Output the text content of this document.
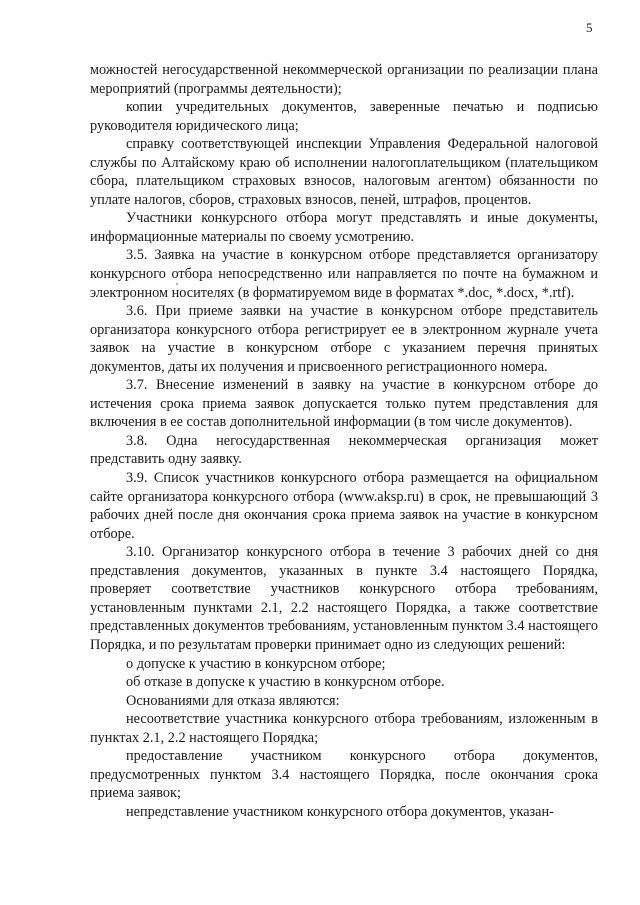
5

можностей негосударственной некоммерческой организации по реализации плана мероприятий (программы деятельности);

копии учредительных документов, заверенные печатью и подписью руководителя юридического лица;

справку соответствующей инспекции Управления Федеральной налоговой службы по Алтайскому краю об исполнении налогоплательщиком (плательщиком сбора, плательщиком страховых взносов, налоговым агентом) обязанности по уплате налогов, сборов, страховых взносов, пеней, штрафов, процентов.

Участники конкурсного отбора могут представлять и иные документы, информационные материалы по своему усмотрению.

3.5. Заявка на участие в конкурсном отборе представляется организатору конкурсного отбора непосредственно или направляется по почте на бумажном и электронном носителях (в форматируемом виде в форматах *.doc, *.docx, *.rtf).

3.6. При приеме заявки на участие в конкурсном отборе представитель организатора конкурсного отбора регистрирует ее в электронном журнале учета заявок на участие в конкурсном отборе с указанием перечня принятых документов, даты их получения и присвоенного регистрационного номера.

3.7. Внесение изменений в заявку на участие в конкурсном отборе до истечения срока приема заявок допускается только путем представления для включения в ее состав дополнительной информации (в том числе документов).

3.8. Одна негосударственная некоммерческая организация может представить одну заявку.

3.9. Список участников конкурсного отбора размещается на официальном сайте организатора конкурсного отбора (www.aksp.ru) в срок, не превышающий 3 рабочих дней после дня окончания срока приема заявок на участие в конкурсном отборе.

3.10. Организатор конкурсного отбора в течение 3 рабочих дней со дня представления документов, указанных в пункте 3.4 настоящего Порядка, проверяет соответствие участников конкурсного отбора требованиям, установленным пунктами 2.1, 2.2 настоящего Порядка, а также соответствие представленных документов требованиям, установленным пунктом 3.4 настоящего Порядка, и по результатам проверки принимает одно из следующих решений:

о допуске к участию в конкурсном отборе;

об отказе в допуске к участию в конкурсном отборе.

Основаниями для отказа являются:

несоответствие участника конкурсного отбора требованиям, изложенным в пунктах 2.1, 2.2 настоящего Порядка;

предоставление участником конкурсного отбора документов, предусмотренных пунктом 3.4 настоящего Порядка, после окончания срока приема заявок;

непредставление участником конкурсного отбора документов, указан-
